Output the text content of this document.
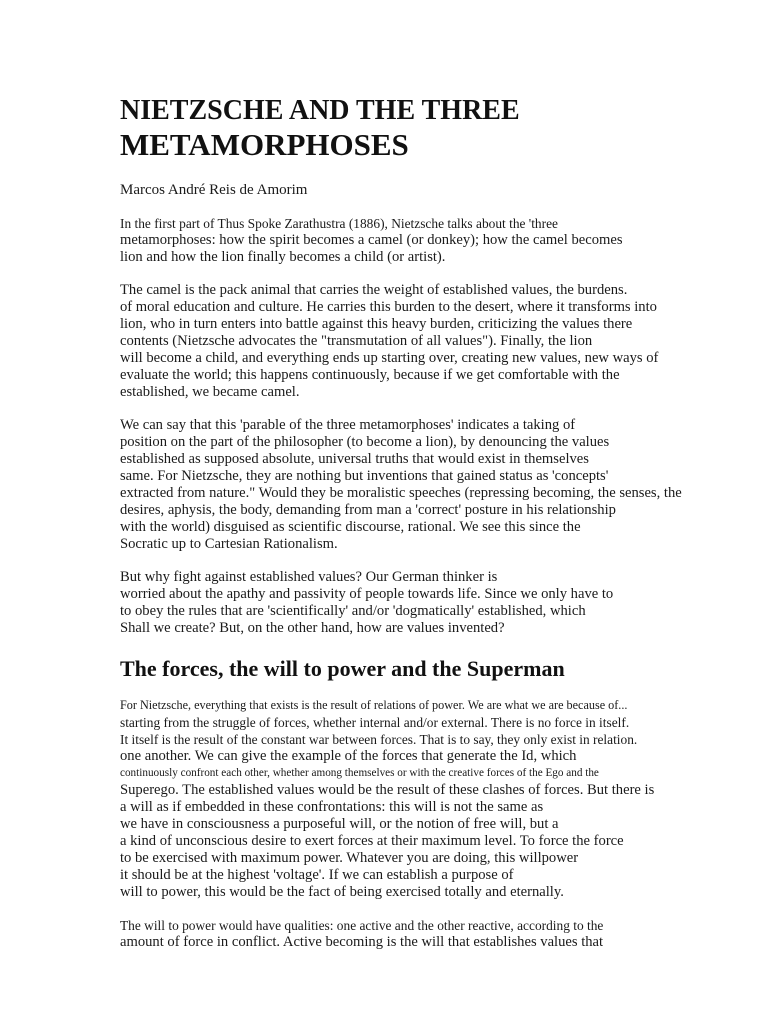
NIETZSCHE AND THE THREE
METAMORPHOSES
Marcos André Reis de Amorim
In the first part of Thus Spoke Zarathustra (1886), Nietzsche talks about the 'three
metamorphoses: how the spirit becomes a camel (or donkey); how the camel becomes
lion and how the lion finally becomes a child (or artist).
The camel is the pack animal that carries the weight of established values, the burdens.
of moral education and culture. He carries this burden to the desert, where it transforms into
lion, who in turn enters into battle against this heavy burden, criticizing the values there
contents (Nietzsche advocates the "transmutation of all values"). Finally, the lion
will become a child, and everything ends up starting over, creating new values, new ways of
evaluate the world; this happens continuously, because if we get comfortable with the
established, we became camel.
We can say that this 'parable of the three metamorphoses' indicates a taking of
position on the part of the philosopher (to become a lion), by denouncing the values
established as supposed absolute, universal truths that would exist in themselves
same. For Nietzsche, they are nothing but inventions that gained status as 'concepts'
extracted from nature." Would they be moralistic speeches (repressing becoming, the senses, the
desires, aphysis, the body, demanding from man a 'correct' posture in his relationship
with the world) disguised as scientific discourse, rational. We see this since the
Socratic up to Cartesian Rationalism.
But why fight against established values? Our German thinker is
worried about the apathy and passivity of people towards life. Since we only have to
to obey the rules that are 'scientifically' and/or 'dogmatically' established, which
Shall we create? But, on the other hand, how are values invented?
The forces, the will to power and the Superman
For Nietzsche, everything that exists is the result of relations of power. We are what we are because of...
starting from the struggle of forces, whether internal and/or external. There is no force in itself.
It itself is the result of the constant war between forces. That is to say, they only exist in relation.
one another. We can give the example of the forces that generate the Id, which
continuously confront each other, whether among themselves or with the creative forces of the Ego and the
Superego. The established values would be the result of these clashes of forces. But there is
a will as if embedded in these confrontations: this will is not the same as
we have in consciousness a purposeful will, or the notion of free will, but a
a kind of unconscious desire to exert forces at their maximum level. To force the force
to be exercised with maximum power. Whatever you are doing, this willpower
it should be at the highest 'voltage'. If we can establish a purpose of
will to power, this would be the fact of being exercised totally and eternally.
The will to power would have qualities: one active and the other reactive, according to the
amount of force in conflict. Active becoming is the will that establishes values that
